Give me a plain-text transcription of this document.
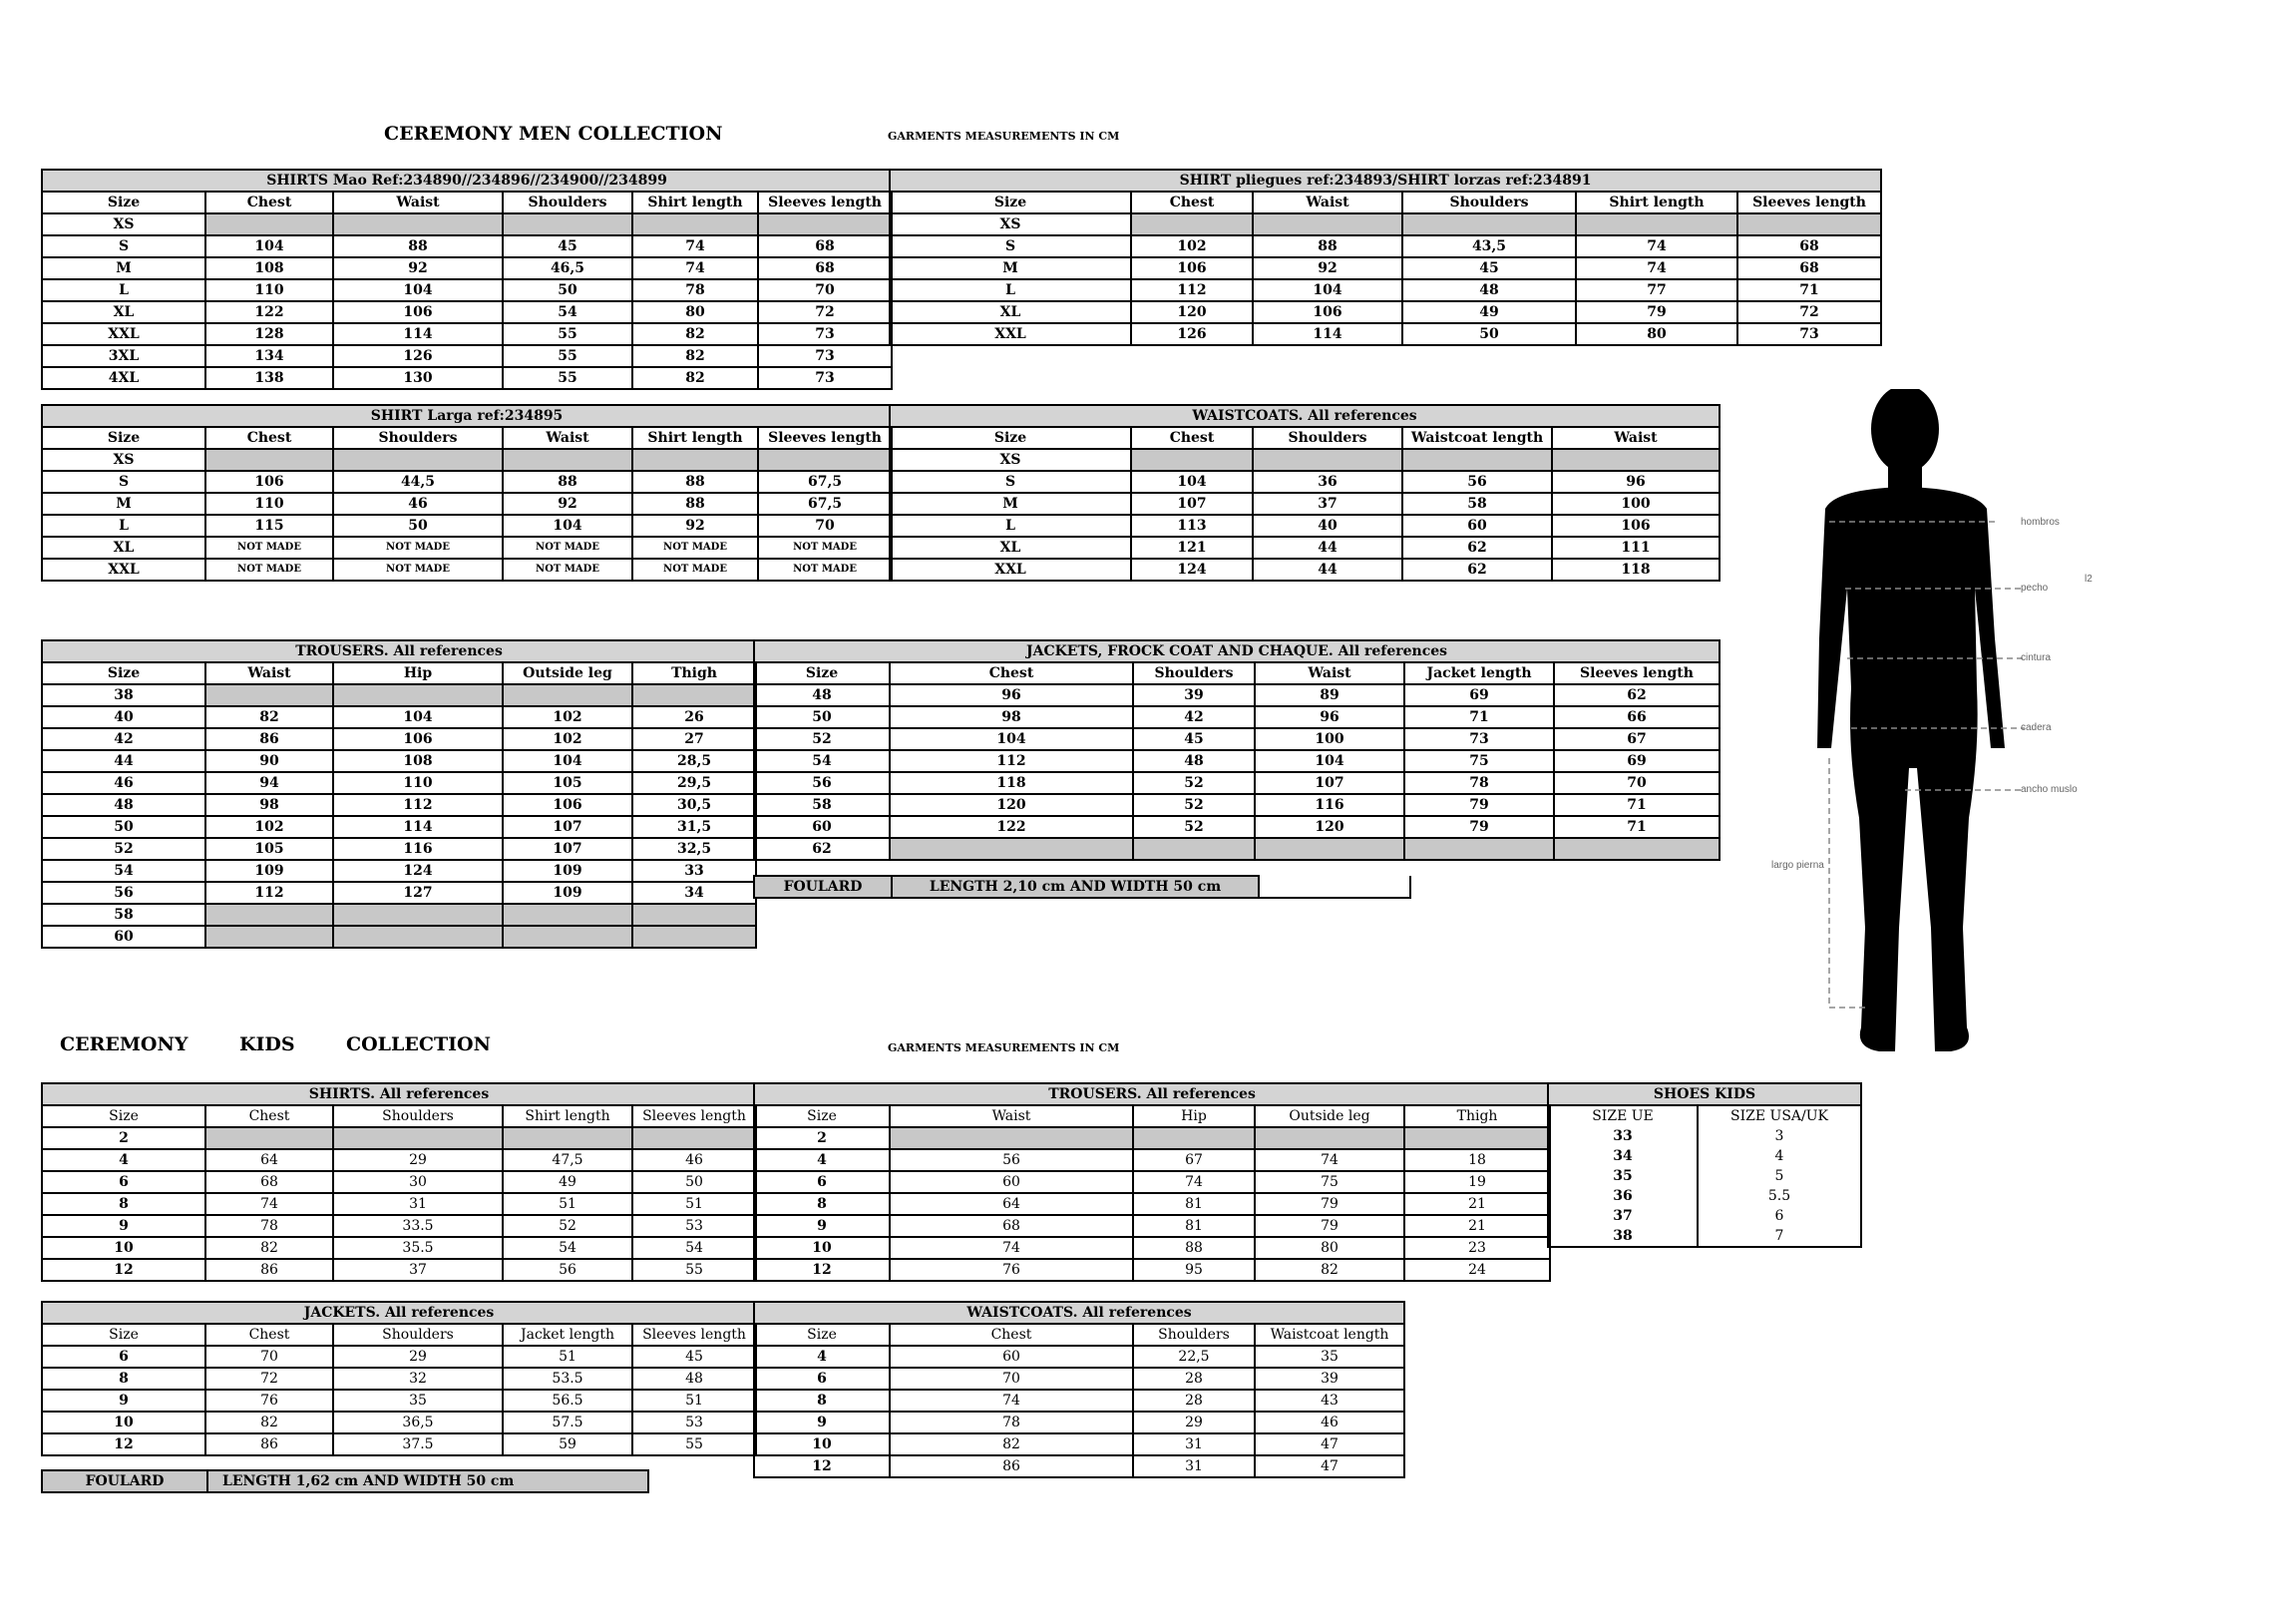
CEREMONY MEN COLLECTION	GARMENTS MEASUREMENTS IN CM
SHIRTS Mao Ref:234890//234896//234900//234899					
Size	Chest	Waist	Shoulders	Shirt length	Sleeves length
XS					
S	104	88	45	74	68
M	108	92	46,5	74	68
L	110	104	50	78	70
XL	122	106	54	80	72
XXL	128	114	55	82	73
3XL	134	126	55	82	73
4XL	138	130	55	82	73
SHIRT pliegues ref:234893/SHIRT lorzas ref:234891					
Size	Chest	Waist	Shoulders	Shirt length	Sleeves length
XS					
S	102	88	43,5	74	68
M	106	92	45	74	68
L	112	104	48	77	71
XL	120	106	49	79	72
XXL	126	114	50	80	73
SHIRT Larga ref:234895					
Size	Chest	Shoulders	Waist	Shirt length	Sleeves length
XS					
S	106	44,5	88	88	67,5
M	110	46	92	88	67,5
L	115	50	104	92	70
XL	NOT MADE	NOT MADE	NOT MADE	NOT MADE	NOT MADE
XXL	NOT MADE	NOT MADE	NOT MADE	NOT MADE	NOT MADE
WAISTCOATS. All references				
Size	Chest	Shoulders	Waistcoat length	Waist
XS				
S	104	36	56	96
M	107	37	58	100
L	113	40	60	106
XL	121	44	62	111
XXL	124	44	62	118
TROUSERS. All references				
Size	Waist	Hip	Outside leg	Thigh
38				
40	82	104	102	26
42	86	106	102	27
44	90	108	104	28,5
46	94	110	105	29,5
48	98	112	106	30,5
50	102	114	107	31,5
52	105	116	107	32,5
54	109	124	109	33
56	112	127	109	34
58				
60				
JACKETS, FROCK COAT AND CHAQUE. All references					
Size	Chest	Shoulders	Waist	Jacket length	Sleeves length
48	96	39	89	69	62
50	98	42	96	71	66
52	104	45	100	73	67
54	112	48	104	75	69
56	118	52	107	78	70
58	120	52	116	79	71
60	122	52	120	79	71
62					
FOULARD	LENGTH 2,10 cm AND WIDTH 50 cm	
CEREMONY	KIDS	COLLECTION	GARMENTS MEASUREMENTS IN CM
SHIRTS. All references				
Size	Chest	Shoulders	Shirt length	Sleeves length
2				
4	64	29	47,5	46
6	68	30	49	50
8	74	31	51	51
9	78	33.5	52	53
10	82	35.5	54	54
12	86	37	56	55
TROUSERS. All references				
Size	Waist	Hip	Outside leg	Thigh
2				
4	56	67	74	18
6	60	74	75	19
8	64	81	79	21
9	68	81	79	21
10	74	88	80	23
12	76	95	82	24
SHOES KIDS	
SIZE UE	SIZE USA/UK
33	3
34	4
35	5
36	5.5
37	6
38	7
JACKETS. All references				
Size	Chest	Shoulders	Jacket length	Sleeves length
6	70	29	51	45
8	72	32	53.5	48
9	76	35	56.5	51
10	82	36,5	57.5	53
12	86	37.5	59	55
WAISTCOATS. All references			
Size	Chest	Shoulders	Waistcoat length
4	60	22,5	35
6	70	28	39
8	74	28	43
9	78	29	46
10	82	31	47
12	86	31	47
FOULARD	LENGTH 1,62 cm AND WIDTH 50 cm
hombros
pecho
cintura
cadera
ancho muslo
largo pierna
l2
